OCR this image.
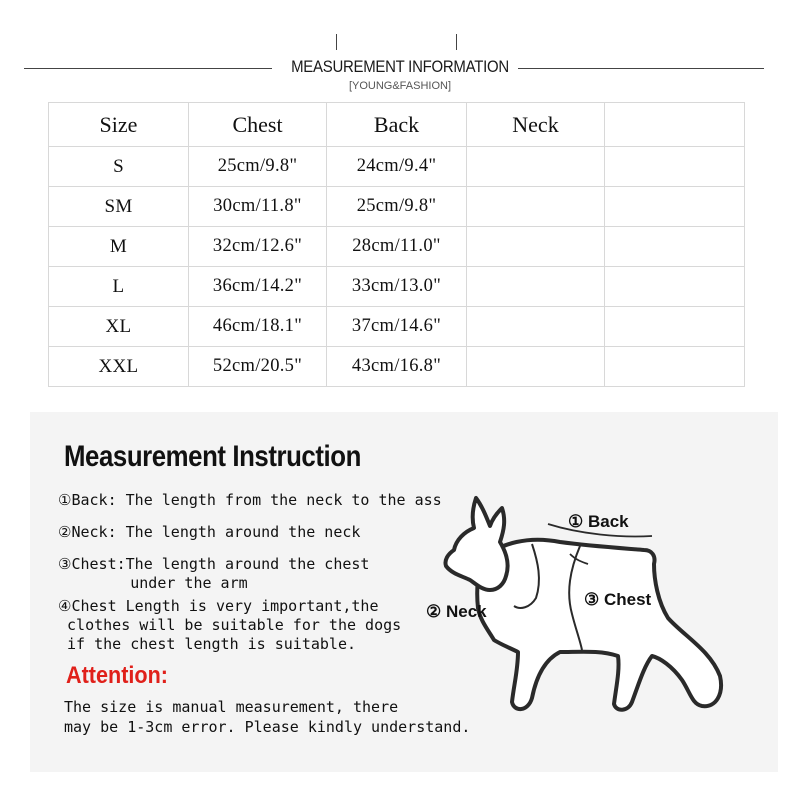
MEASUREMENT INFORMATION
[YOUNG&FASHION]
Size	Chest	Back	Neck	
S	25cm/9.8"	24cm/9.4"		
SM	30cm/11.8"	25cm/9.8"		
M	32cm/12.6"	28cm/11.0"		
L	36cm/14.2"	33cm/13.0"		
XL	46cm/18.1"	37cm/14.6"		
XXL	52cm/20.5"	43cm/16.8"		
Measurement Instruction
①Back: The length from the neck to the ass
②Neck: The length around the neck
③Chest:The length around the chest
under the arm
④Chest Length is very important,the
clothes will be suitable for the dogs
if the chest length is suitable.
Attention:
The size is manual measurement, there
may be 1-3cm error. Please kindly understand.
① Back
② Neck
③ Chest
